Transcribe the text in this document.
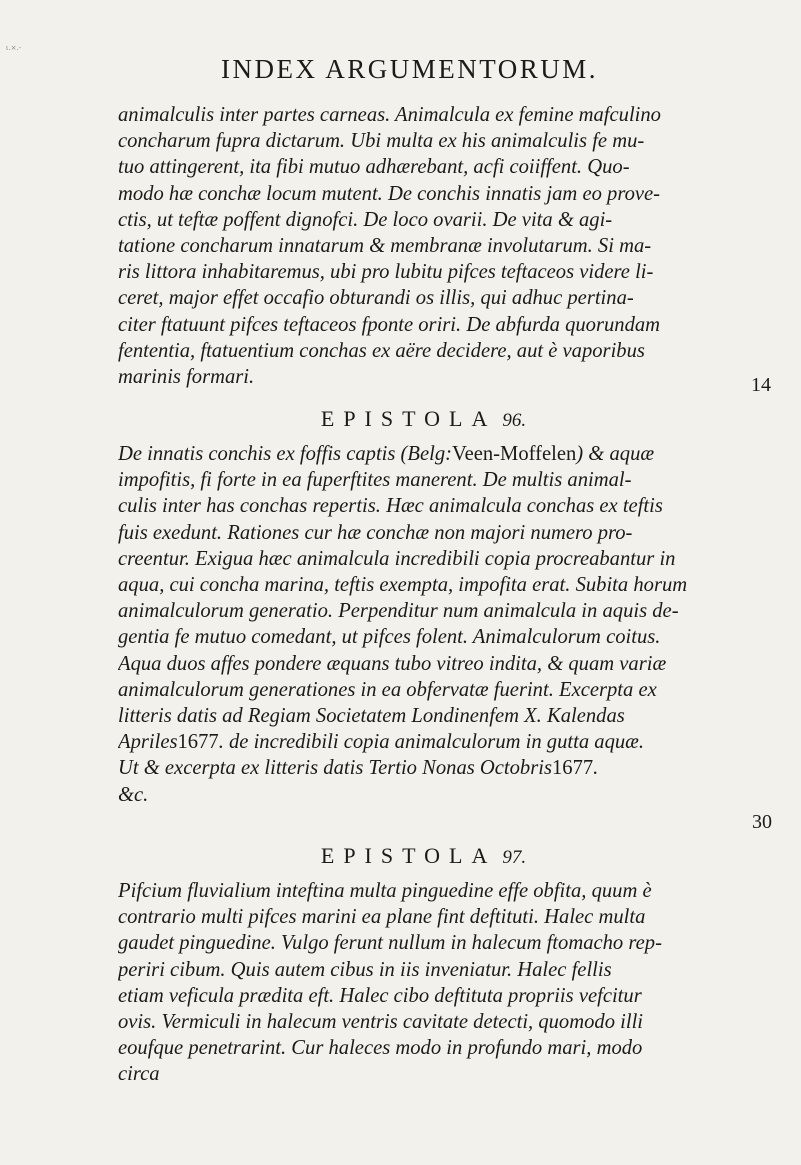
ι.×.-
INDEX ARGUMENTORUM.
animalculis inter partes carneas. Animalcula ex femine mafculino
concharum fupra dictarum. Ubi multa ex his animalculis fe mu-
tuo attingerent, ita fibi mutuo adhærebant, acfi coiiffent. Quo-
modo hæ conchæ locum mutent. De conchis innatis jam eo prove-
ctis, ut teftæ poffent dignofci. De loco ovarii. De vita & agi-
tatione concharum innatarum & membranæ involutarum. Si ma-
ris littora inhabitaremus, ubi pro lubitu pifces teftaceos videre li-
ceret, major effet occafio obturandi os illis, qui adhuc pertina-
citer ftatuunt pifces teftaceos fponte oriri. De abfurda quorundam
fententia, ftatuentium conchas ex aëre decidere, aut è vaporibus
marinis formari.	14
EPISTOLA 96.
De innatis conchis ex foffis captis (Belg:Veen-Moffelen) & aquæ
impofitis, fi forte in ea fuperftites manerent. De multis animal-
culis inter has conchas repertis. Hæc animalcula conchas ex teftis
fuis exedunt. Rationes cur hæ conchæ non majori numero pro-
creentur. Exigua hæc animalcula incredibili copia procreabantur in
aqua, cui concha marina, teftis exempta, impofita erat. Subita horum
animalculorum generatio. Perpenditur num animalcula in aquis de-
gentia fe mutuo comedant, ut pifces folent. Animalculorum coitus.
Aqua duos affes pondere æquans tubo vitreo indita, & quam variæ
animalculorum generationes in ea obfervatæ fuerint. Excerpta ex
litteris datis ad Regiam Societatem Londinenfem X. Kalendas
Apriles1677. de incredibili copia animalculorum in gutta aquæ.
Ut & excerpta ex litteris datis Tertio Nonas Octobris1677.
&c.
30
EPISTOLA 97.
Pifcium fluvialium inteftina multa pinguedine effe obfita, quum è
contrario multi pifces marini ea plane fint deftituti. Halec multa
gaudet pinguedine. Vulgo ferunt nullum in halecum ftomacho rep-
periri cibum. Quis autem cibus in iis inveniatur. Halec fellis
etiam veficula prædita eft. Halec cibo deftituta propriis vefcitur
ovis. Vermiculi in halecum ventris cavitate detecti, quomodo illi
eoufque penetrarint. Cur haleces modo in profundo mari, modo
circa
